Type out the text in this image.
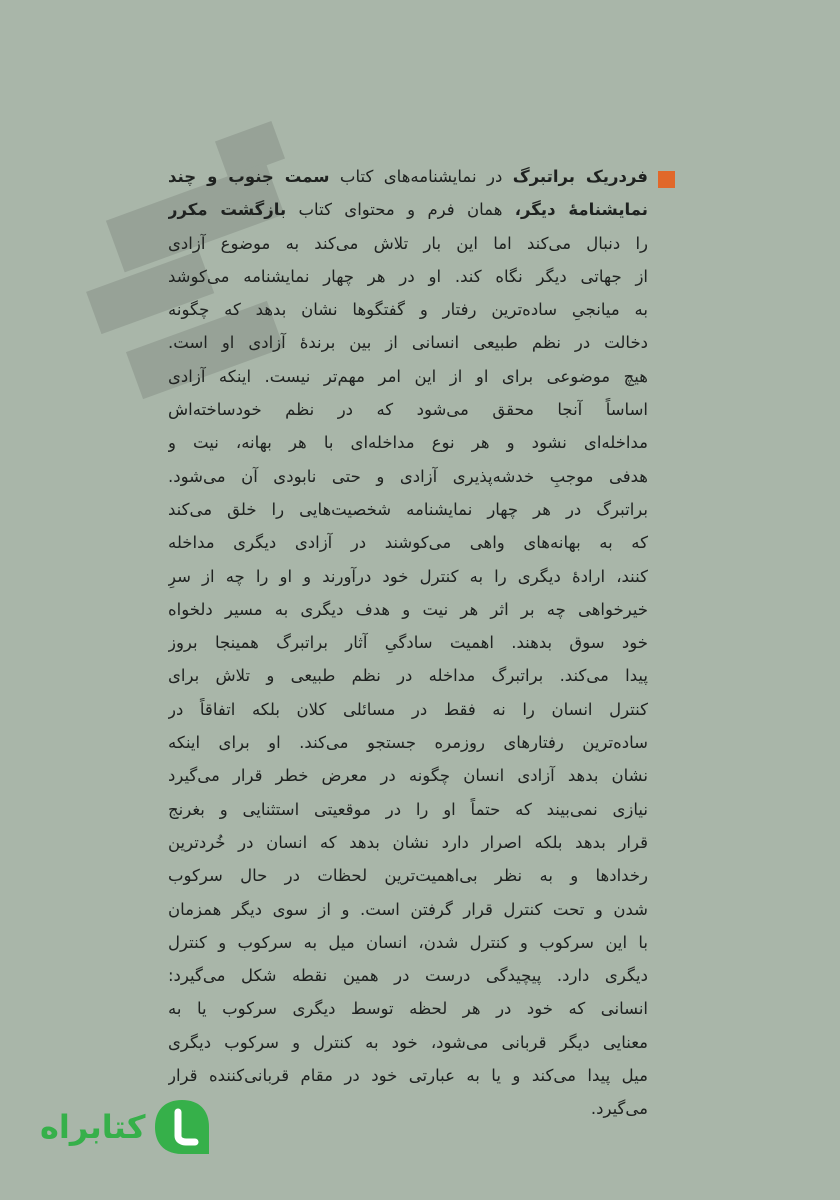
فردریک براتبرگ در نمایشنامه‌های کتاب سمت جنوب و چند
نمایشنامهٔ دیگر، همان فرم و محتوای کتاب بازگشت مکرر
را دنبال می‌کند اما این بار تلاش می‌کند به موضوع آزادی
از جهاتی دیگر نگاه کند. او در هر چهار نمایشنامه می‌کوشد
به میانجیِ ساده‌ترین رفتار و گفتگوها نشان بدهد که چگونه
دخالت در نظم طبیعی انسانی از بین برندهٔ آزادی او است.
هیچ موضوعی برای او از این امر مهم‌تر نیست. اینکه آزادی
اساساً آنجا محقق می‌شود که در نظم خودساخته‌اش
مداخله‌ای نشود و هر نوع مداخله‌ای با هر بهانه، نیت و
هدفی موجبِ خدشه‌پذیری آزادی و حتی نابودی آن می‌شود.
براتبرگ در هر چهار نمایشنامه شخصیت‌هایی را خلق می‌کند
که به بهانه‌های واهی می‌کوشند در آزادی دیگری مداخله
کنند، ارادهٔ دیگری را به کنترل خود درآورند و او را چه از سرِ
خیرخواهی چه بر اثر هر نیت و هدف دیگری به مسیر دلخواه
خود سوق بدهند. اهمیت سادگیِ آثار براتبرگ همینجا بروز
پیدا می‌کند. براتبرگ مداخله در نظم طبیعی و تلاش برای
کنترل انسان را نه فقط در مسائلی کلان بلکه اتفاقاً در
ساده‌ترین رفتارهای روزمره جستجو می‌کند. او برای اینکه
نشان بدهد آزادی انسان چگونه در معرض خطر قرار می‌گیرد
نیازی نمی‌بیند که حتماً او را در موقعیتی استثنایی و بغرنج
قرار بدهد بلکه اصرار دارد نشان بدهد که انسان در خُردترین
رخدادها و به نظر بی‌اهمیت‌ترین لحظات در حال سرکوب
شدن و تحت کنترل قرار گرفتن است. و از سوی دیگر همزمان
با این سرکوب و کنترل شدن، انسان میل به سرکوب و کنترل
دیگری دارد. پیچیدگی درست در همین نقطه شکل می‌گیرد:
انسانی که خود در هر لحظه توسط دیگری سرکوب یا به
معنایی دیگر قربانی می‌شود، خود به کنترل و سرکوب دیگری
میل پیدا می‌کند و یا به عبارتی خود در مقام قربانی‌کننده قرار
می‌گیرد.
کتابراه
